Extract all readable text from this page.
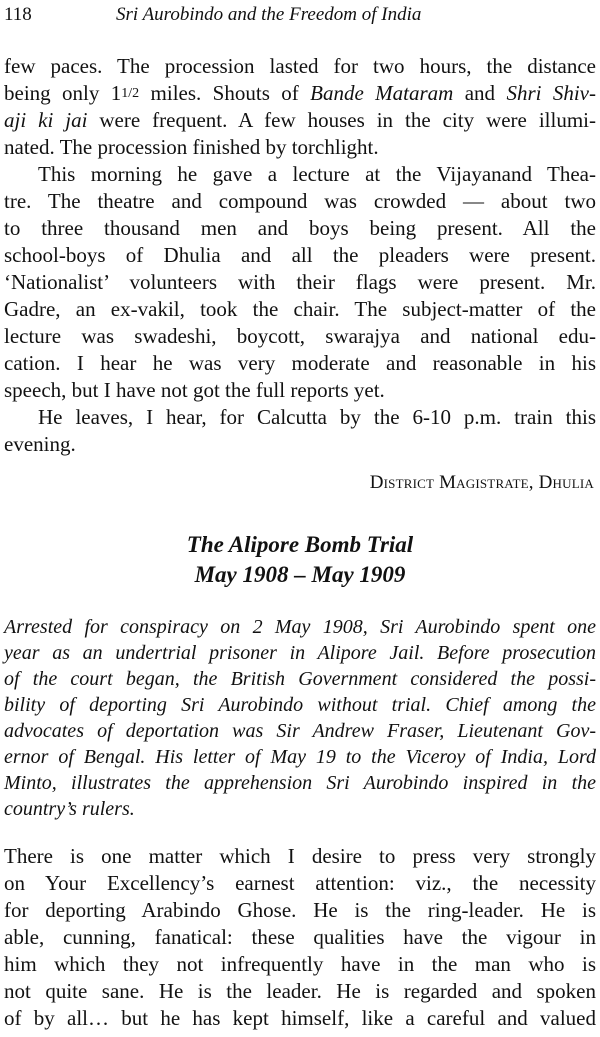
118	Sri Aurobindo and the Freedom of India
few paces. The procession lasted for two hours, the distance
being only 11/2 miles. Shouts of Bande Mataram and Shri Shiv-
aji ki jai were frequent. A few houses in the city were illumi-
nated. The procession finished by torchlight.
This morning he gave a lecture at the Vijayanand Thea-
tre. The theatre and compound was crowded — about two
to three thousand men and boys being present. All the
school-boys of Dhulia and all the pleaders were present.
‘Nationalist’ volunteers with their flags were present. Mr.
Gadre, an ex-vakil, took the chair. The subject-matter of the
lecture was swadeshi, boycott, swarajya and national edu-
cation. I hear he was very moderate and reasonable in his
speech, but I have not got the full reports yet.
He leaves, I hear, for Calcutta by the 6-10 p.m. train this
evening.
District Magistrate, Dhulia
The Alipore Bomb Trial
May 1908 – May 1909
Arrested for conspiracy on 2 May 1908, Sri Aurobindo spent one
year as an undertrial prisoner in Alipore Jail. Before prosecution
of the court began, the British Government considered the possi-
bility of deporting Sri Aurobindo without trial. Chief among the
advocates of deportation was Sir Andrew Fraser, Lieutenant Gov-
ernor of Bengal. His letter of May 19 to the Viceroy of India, Lord
Minto, illustrates the apprehension Sri Aurobindo inspired in the
country’s rulers.
There is one matter which I desire to press very strongly
on Your Excellency’s earnest attention: viz., the necessity
for deporting Arabindo Ghose. He is the ring-leader. He is
able, cunning, fanatical: these qualities have the vigour in
him which they not infrequently have in the man who is
not quite sane. He is the leader. He is regarded and spoken
of by all… but he has kept himself, like a careful and valued
